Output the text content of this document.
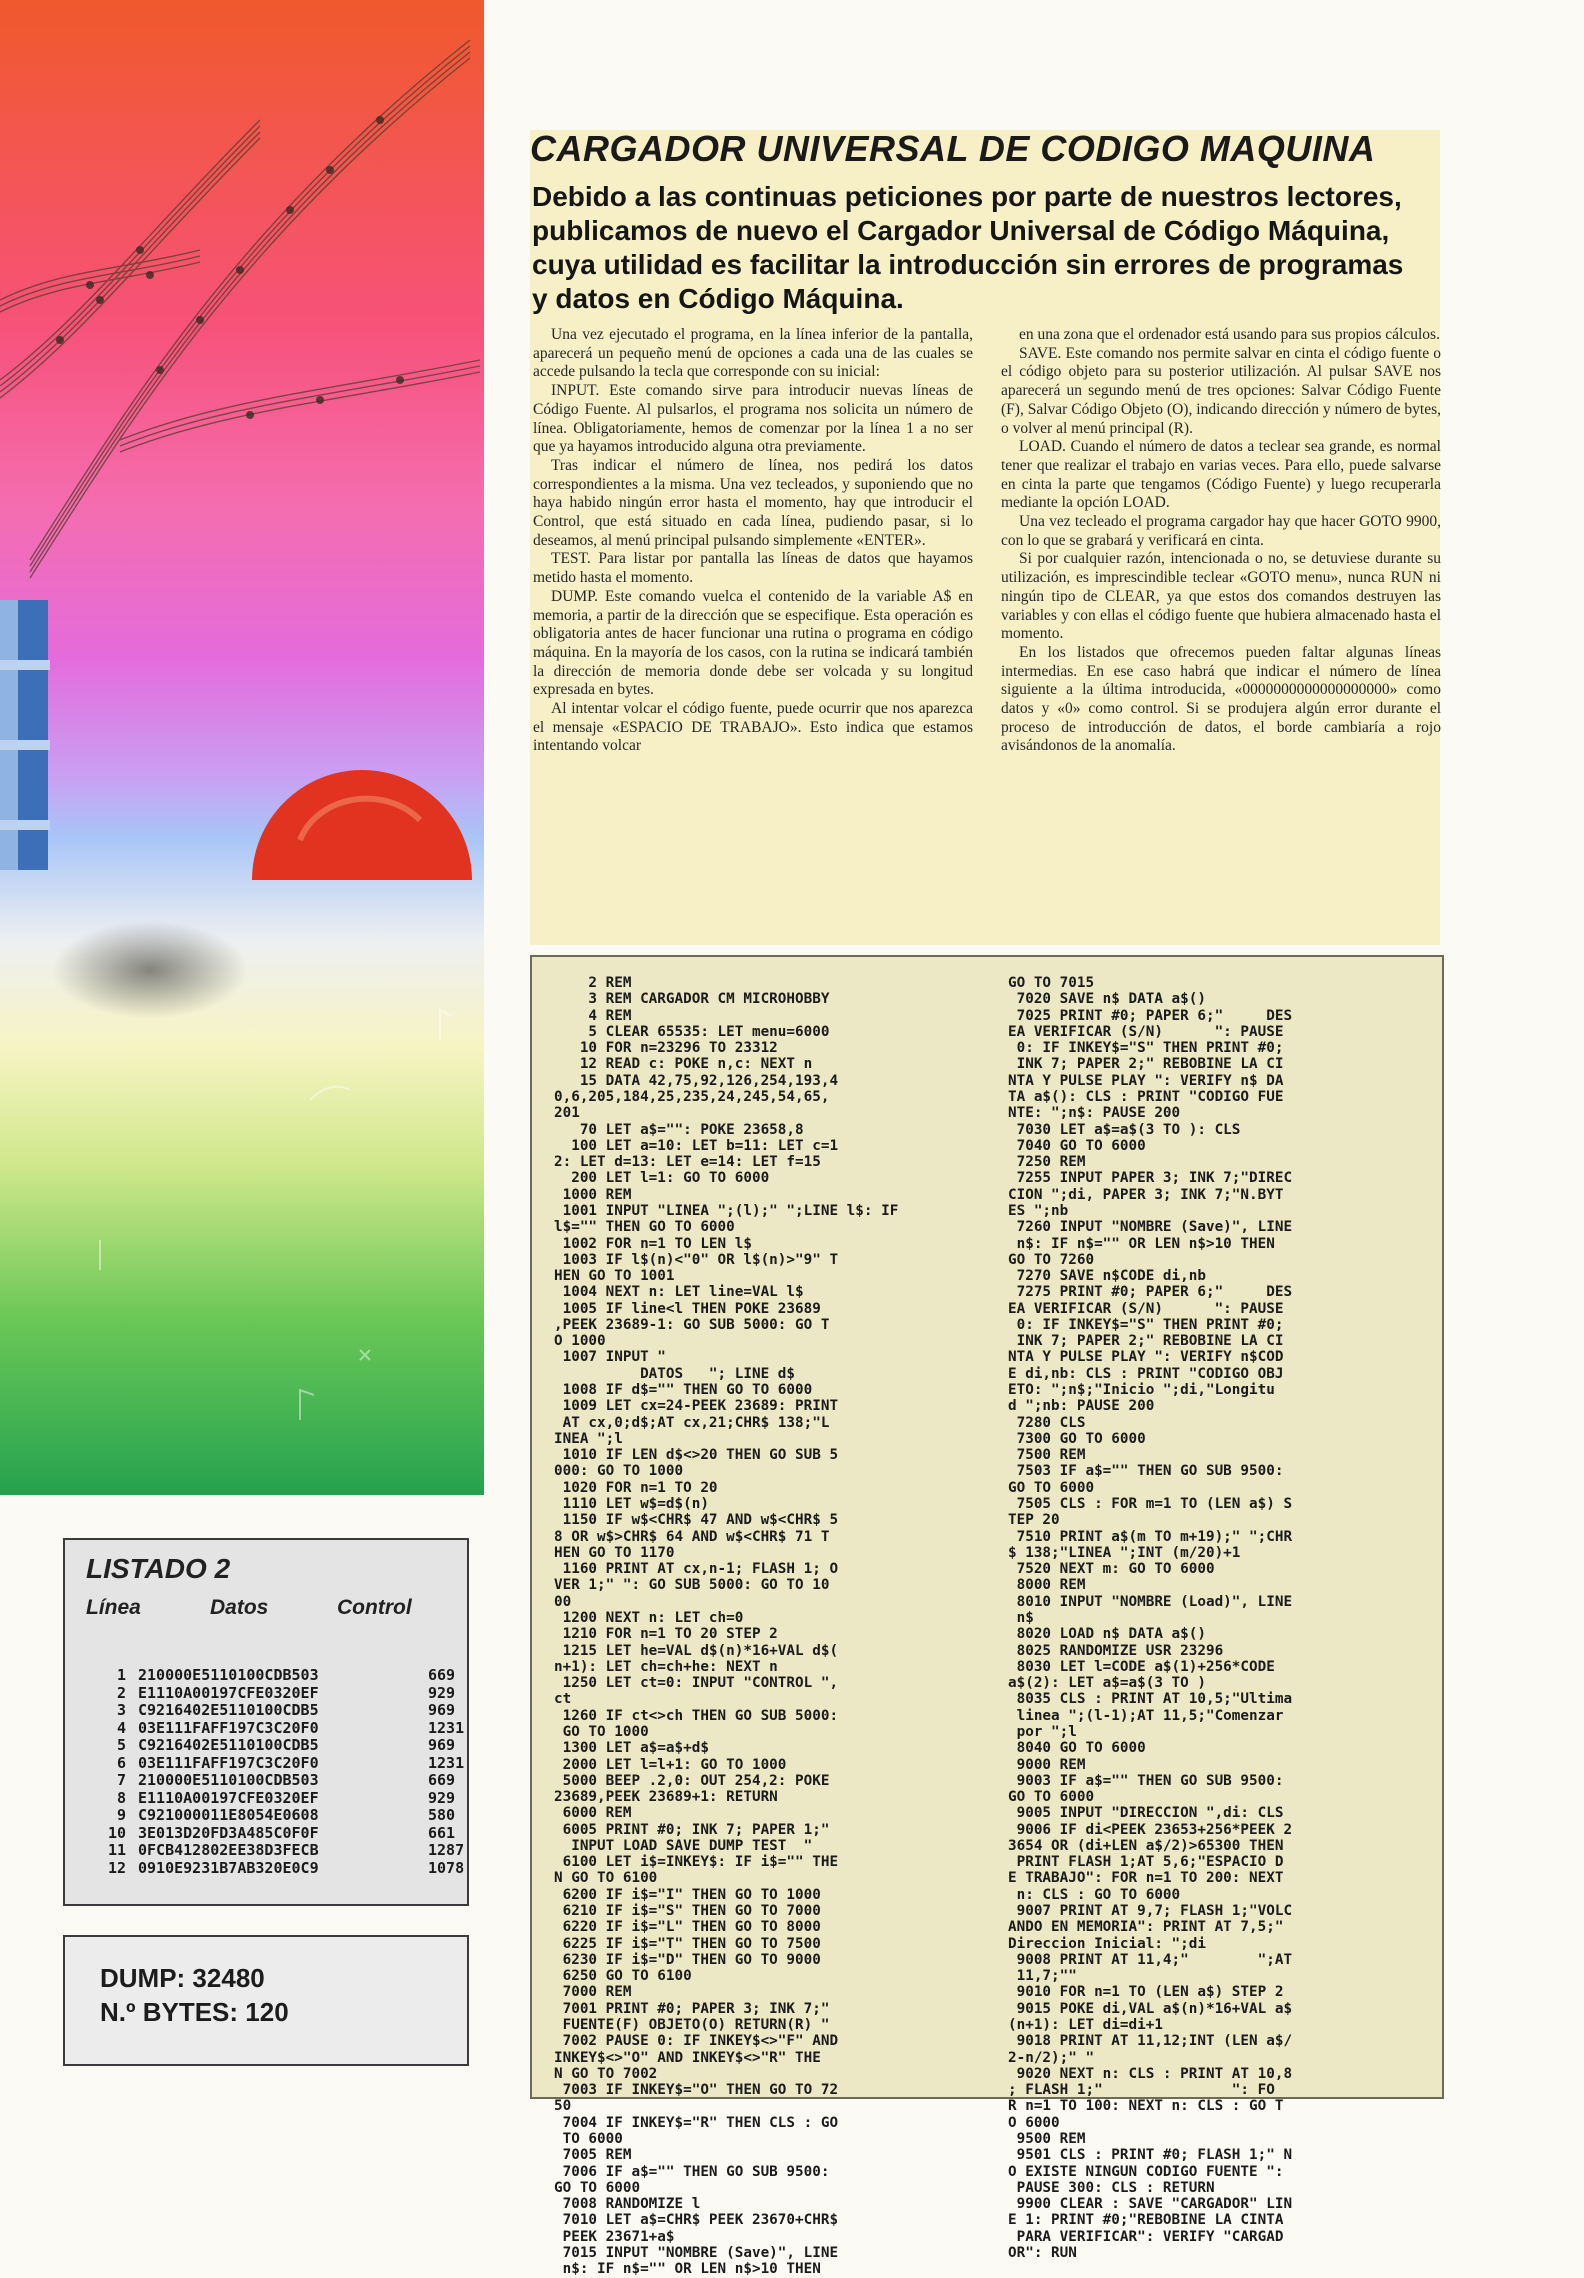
CARGADOR UNIVERSAL DE CODIGO MAQUINA
Debido a las continuas peticiones por parte de nuestros lectores, publicamos de nuevo el Cargador Universal de Código Máquina, cuya utilidad es facilitar la introducción sin errores de programas y datos en Código Máquina.

Una vez ejecutado el programa, en la línea inferior de la pantalla, aparecerá un pequeño menú de opciones a cada una de las cuales se accede pulsando la tecla que corresponde con su inicial:

INPUT. Este comando sirve para introducir nuevas líneas de Código Fuente. Al pulsarlos, el programa nos solicita un número de línea. Obligatoriamente, hemos de comenzar por la línea 1 a no ser que ya hayamos introducido alguna otra previamente.

Tras indicar el número de línea, nos pedirá los datos correspondientes a la misma. Una vez tecleados, y suponiendo que no haya habido ningún error hasta el momento, hay que introducir el Control, que está situado en cada línea, pudiendo pasar, si lo deseamos, al menú principal pulsando simplemente «ENTER».

TEST. Para listar por pantalla las líneas de datos que hayamos metido hasta el momento.

DUMP. Este comando vuelca el contenido de la variable A$ en memoria, a partir de la dirección que se especifique. Esta operación es obligatoria antes de hacer funcionar una rutina o programa en código máquina. En la mayoría de los casos, con la rutina se indicará también la dirección de memoria donde debe ser volcada y su longitud expresada en bytes.

Al intentar volcar el código fuente, puede ocurrir que nos aparezca el mensaje «ESPACIO DE TRABAJO». Esto indica que estamos intentando volcar

en una zona que el ordenador está usando para sus propios cálculos.

SAVE. Este comando nos permite salvar en cinta el código fuente o el código objeto para su posterior utilización. Al pulsar SAVE nos aparecerá un segundo menú de tres opciones: Salvar Código Fuente (F), Salvar Código Objeto (O), indicando dirección y número de bytes, o volver al menú principal (R).

LOAD. Cuando el número de datos a teclear sea grande, es normal tener que realizar el trabajo en varias veces. Para ello, puede salvarse en cinta la parte que tengamos (Código Fuente) y luego recuperarla mediante la opción LOAD.

Una vez tecleado el programa cargador hay que hacer GOTO 9900, con lo que se grabará y verificará en cinta.

Si por cualquier razón, intencionada o no, se detuviese durante su utilización, es imprescindible teclear «GOTO menu», nunca RUN ni ningún tipo de CLEAR, ya que estos dos comandos destruyen las variables y con ellas el código fuente que hubiera almacenado hasta el momento.

En los listados que ofrecemos pueden faltar algunas líneas intermedias. En ese caso habrá que indicar el número de línea siguiente a la última introducida, «0000000000000000000» como datos y «0» como control. Si se produjera algún error durante el proceso de introducción de datos, el borde cambiaría a rojo avisándonos de la anomalía.

2 REM
3 REM CARGADOR CM MICROHOBBY
4 REM
5 CLEAR 65535: LET menu=6000
10 FOR n=23296 TO 23312
12 READ c: POKE n,c: NEXT n
15 DATA 42,75,92,126,254,193,4
0,6,205,184,25,235,24,245,54,65,
201
70 LET a$="": POKE 23658,8
100 LET a=10: LET b=11: LET c=1
2: LET d=13: LET e=14: LET f=15
200 LET l=1: GO TO 6000
1000 REM
1001 INPUT "LINEA ";(l);" ";LINE l$: IF
l$="" THEN GO TO 6000
1002 FOR n=1 TO LEN l$
1003 IF l$(n)<"0" OR l$(n)>"9" T
HEN GO TO 1001
1004 NEXT n: LET line=VAL l$
1005 IF line<l THEN POKE 23689
,PEEK 23689-1: GO SUB 5000: GO T
O 1000
1007 INPUT "
DATOS   "; LINE d$
1008 IF d$="" THEN GO TO 6000
1009 LET cx=24-PEEK 23689: PRINT
AT cx,0;d$;AT cx,21;CHR$ 138;"L
INEA ";l
1010 IF LEN d$<>20 THEN GO SUB 5
000: GO TO 1000
1020 FOR n=1 TO 20
1110 LET w$=d$(n)
1150 IF w$<CHR$ 47 AND w$<CHR$ 5
8 OR w$>CHR$ 64 AND w$<CHR$ 71 T
HEN GO TO 1170
1160 PRINT AT cx,n-1; FLASH 1; O
VER 1;" ": GO SUB 5000: GO TO 10
00
1200 NEXT n: LET ch=0
1210 FOR n=1 TO 20 STEP 2
1215 LET he=VAL d$(n)*16+VAL d$(
n+1): LET ch=ch+he: NEXT n
1250 LET ct=0: INPUT "CONTROL ",
ct
1260 IF ct<>ch THEN GO SUB 5000:
GO TO 1000
1300 LET a$=a$+d$
2000 LET l=l+1: GO TO 1000
5000 BEEP .2,0: OUT 254,2: POKE
23689,PEEK 23689+1: RETURN
6000 REM
6005 PRINT #0; INK 7; PAPER 1;"
INPUT LOAD SAVE DUMP TEST  "
6100 LET i$=INKEY$: IF i$="" THE
N GO TO 6100
6200 IF i$="I" THEN GO TO 1000
6210 IF i$="S" THEN GO TO 7000
6220 IF i$="L" THEN GO TO 8000
6225 IF i$="T" THEN GO TO 7500
6230 IF i$="D" THEN GO TO 9000
6250 GO TO 6100
7000 REM
7001 PRINT #0; PAPER 3; INK 7;"
FUENTE(F) OBJETO(O) RETURN(R) "
7002 PAUSE 0: IF INKEY$<>"F" AND
INKEY$<>"O" AND INKEY$<>"R" THE
N GO TO 7002
7003 IF INKEY$="O" THEN GO TO 72
50
7004 IF INKEY$="R" THEN CLS : GO
TO 6000
7005 REM
7006 IF a$="" THEN GO SUB 9500:
GO TO 6000
7008 RANDOMIZE l
7010 LET a$=CHR$ PEEK 23670+CHR$
PEEK 23671+a$
7015 INPUT "NOMBRE (Save)", LINE
n$: IF n$="" OR LEN n$>10 THEN
GO TO 7015
7020 SAVE n$ DATA a$()
7025 PRINT #0; PAPER 6;"     DES
EA VERIFICAR (S/N)      ": PAUSE
0: IF INKEY$="S" THEN PRINT #0;
INK 7; PAPER 2;" REBOBINE LA CI
NTA Y PULSE PLAY ": VERIFY n$ DA
TA a$(): CLS : PRINT "CODIGO FUE
NTE: ";n$: PAUSE 200
7030 LET a$=a$(3 TO ): CLS
7040 GO TO 6000
7250 REM
7255 INPUT PAPER 3; INK 7;"DIREC
CION ";di, PAPER 3; INK 7;"N.BYT
ES ";nb
7260 INPUT "NOMBRE (Save)", LINE
n$: IF n$="" OR LEN n$>10 THEN
GO TO 7260
7270 SAVE n$CODE di,nb
7275 PRINT #0; PAPER 6;"     DES
EA VERIFICAR (S/N)      ": PAUSE
0: IF INKEY$="S" THEN PRINT #0;
INK 7; PAPER 2;" REBOBINE LA CI
NTA Y PULSE PLAY ": VERIFY n$COD
E di,nb: CLS : PRINT "CODIGO OBJ
ETO: ";n$;"Inicio ";di,"Longitu
d ";nb: PAUSE 200
7280 CLS
7300 GO TO 6000
7500 REM
7503 IF a$="" THEN GO SUB 9500:
GO TO 6000
7505 CLS : FOR m=1 TO (LEN a$) S
TEP 20
7510 PRINT a$(m TO m+19);" ";CHR
$ 138;"LINEA ";INT (m/20)+1
7520 NEXT m: GO TO 6000
8000 REM
8010 INPUT "NOMBRE (Load)", LINE
n$
8020 LOAD n$ DATA a$()
8025 RANDOMIZE USR 23296
8030 LET l=CODE a$(1)+256*CODE
a$(2): LET a$=a$(3 TO )
8035 CLS : PRINT AT 10,5;"Ultima
linea ";(l-1);AT 11,5;"Comenzar
por ";l
8040 GO TO 6000
9000 REM
9003 IF a$="" THEN GO SUB 9500:
GO TO 6000
9005 INPUT "DIRECCION ",di: CLS
9006 IF di<PEEK 23653+256*PEEK 2
3654 OR (di+LEN a$/2)>65300 THEN
PRINT FLASH 1;AT 5,6;"ESPACIO D
E TRABAJO": FOR n=1 TO 200: NEXT
n: CLS : GO TO 6000
9007 PRINT AT 9,7; FLASH 1;"VOLC
ANDO EN MEMORIA": PRINT AT 7,5;"
Direccion Inicial: ";di
9008 PRINT AT 11,4;"        ";AT
11,7;""
9010 FOR n=1 TO (LEN a$) STEP 2
9015 POKE di,VAL a$(n)*16+VAL a$
(n+1): LET di=di+1
9018 PRINT AT 11,12;INT (LEN a$/
2-n/2);" "
9020 NEXT n: CLS : PRINT AT 10,8
; FLASH 1;"               ": FO
R n=1 TO 100: NEXT n: CLS : GO T
O 6000
9500 REM
9501 CLS : PRINT #0; FLASH 1;" N
O EXISTE NINGUN CODIGO FUENTE ":
PAUSE 300: CLS : RETURN
9900 CLEAR : SAVE "CARGADOR" LIN
E 1: PRINT #0;"REBOBINE LA CINTA
PARA VERIFICAR": VERIFY "CARGAD
OR": RUN
LISTADO 2
Línea	Datos	Control
1 210000E5110100CDB503	669
2 E1110A00197CFE0320EF	929
3 C9216402E5110100CDB5	969
4 03E111FAFF197C3C20F0	1231
5 C9216402E5110100CDB5	969
6 03E111FAFF197C3C20F0	1231
7 210000E5110100CDB503	669
8 E1110A00197CFE0320EF	929
9 C921000011E8054E0608	580
10 3E013D20FD3A485C0F0F	661
11 0FCB412802EE38D3FECB	1287
12 0910E9231B7AB320E0C9	1078
DUMP: 32480
N.º BYTES: 120
